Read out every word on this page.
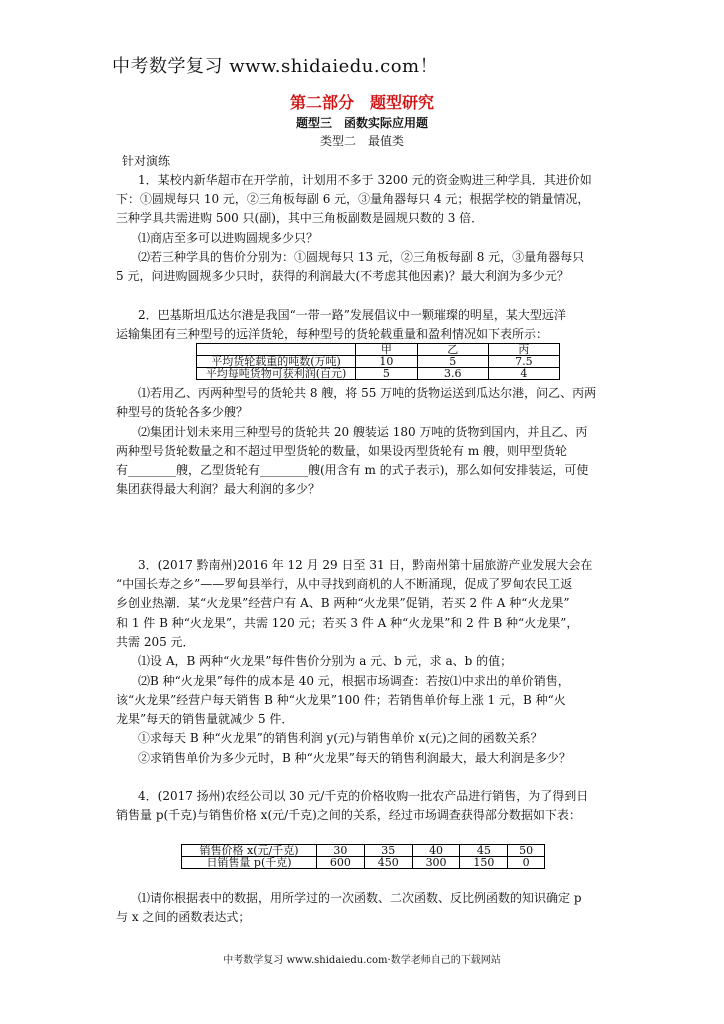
中考数学复习 www.shidaiedu.com！
第二部分　题型研究
题型三　函数实际应用题
类型二　最值类
针对演练
1．某校内新华超市在开学前，计划用不多于 3200 元的资金购进三种学具．其进价如
下：①圆规每只 10 元，②三角板每副 6 元，③量角器每只 4 元；根据学校的销量情况，
三种学具共需进购 500 只(副)，其中三角板副数是圆规只数的 3 倍．
⑴商店至多可以进购圆规多少只？
⑵若三种学具的售价分别为：①圆规每只 13 元，②三角板每副 8 元，③量角器每只
5 元，问进购圆规多少只时，获得的利润最大(不考虑其他因素)？最大利润为多少元？
2．巴基斯坦瓜达尔港是我国“一带一路”发展倡议中一颗璀璨的明星，某大型远洋
运输集团有三种型号的远洋货轮，每种型号的货轮载重量和盈利情况如下表所示：
	甲	乙	丙
平均货轮载重的吨数(万吨)	10	5	7.5
平均每吨货物可获利润(百元)	5	3.6	4
⑴若用乙、丙两种型号的货轮共 8 艘，将 55 万吨的货物运送到瓜达尔港，问乙、丙两
种型号的货轮各多少艘？
⑵集团计划未来用三种型号的货轮共 20 艘装运 180 万吨的货物到国内，并且乙、丙
两种型号货轮数量之和不超过甲型货轮的数量，如果设丙型货轮有 m 艘，则甲型货轮
有________艘，乙型货轮有________艘(用含有 m 的式子表示)，那么如何安排装运，可使
集团获得最大利润？最大利润的多少？
3．(2017 黔南州)2016 年 12 月 29 日至 31 日，黔南州第十届旅游产业发展大会在
“中国长寿之乡”——罗甸县举行，从中寻找到商机的人不断涌现，促成了罗甸农民工返
乡创业热潮．某“火龙果”经营户有 A、B 两种“火龙果”促销，若买 2 件 A 种“火龙果”
和 1 件 B 种“火龙果”，共需 120 元；若买 3 件 A 种“火龙果”和 2 件 B 种“火龙果”，
共需 205 元．
⑴设 A，B 两种“火龙果”每件售价分别为 a 元、b 元，求 a、b 的值；
⑵B 种“火龙果”每件的成本是 40 元，根据市场调查：若按⑴中求出的单价销售，
该“火龙果”经营户每天销售 B 种“火龙果”100 件；若销售单价每上涨 1 元，B 种“火
龙果”每天的销售量就减少 5 件．
①求每天 B 种“火龙果”的销售利润 y(元)与销售单价 x(元)之间的函数关系？
②求销售单价为多少元时，B 种“火龙果”每天的销售利润最大，最大利润是多少？
4．(2017 扬州)农经公司以 30 元/千克的价格收购一批农产品进行销售，为了得到日
销售量 p(千克)与销售价格 x(元/千克)之间的关系，经过市场调查获得部分数据如下表：
销售价格 x(元/千克)	30	35	40	45	50
日销售量 p(千克)	600	450	300	150	0
⑴请你根据表中的数据，用所学过的一次函数、二次函数、反比例函数的知识确定 p
与 x 之间的函数表达式；
中考数学复习 www.shidaiedu.com·数学老师自己的下载网站
